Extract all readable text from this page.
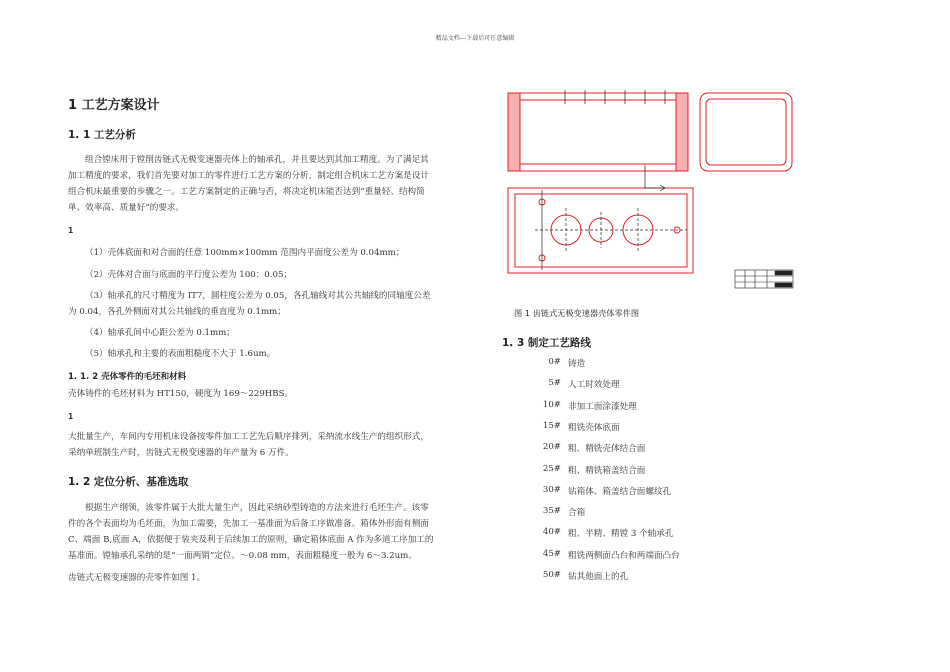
精品文档---下载后可任意编辑
1 工艺方案设计
1. 1 工艺分析
组合镗床用于镗削齿链式无极变速器壳体上的轴承孔，并且要达到其加工精度。为了满足其
加工精度的要求，我们首先要对加工的零件进行工艺方案的分析，制定组合机床工艺方案是设计
组合机床最重要的步骤之一。工艺方案制定的正确与否，将决定机床能否达到“重量轻、结构简
单、效率高、质量好”的要求。
1
（1）壳体底面和对合面的任意 100mm×100mm 范围内平面度公差为 0.04mm；
（2）壳体对合面与底面的平行度公差为 100：0.05；
（3）轴承孔的尺寸精度为 IT7，圆柱度公差为 0.05，各孔轴线对其公共轴线的同轴度公差
为 0.04，各孔外侧面对其公共轴线的垂直度为 0.1mm；
（4）轴承孔间中心距公差为 0.1mm；
（5）轴承孔和主要的表面粗糙度不大于 1.6um。
1. 1. 2 壳体零件的毛坯和材料
壳体铸件的毛坯材料为 HT150，硬度为 169～229HBS。
1
大批量生产，车间内专用机床设备按零件加工工艺先后顺序排列，采纳流水线生产的组织形式，
采纳单班制生产时，齿链式无极变速器的年产量为 6 万件。
1. 2 定位分析、基准选取
根据生产纲领，该零件属于大批大量生产，因此采纳砂型铸造的方法来进行毛坯生产。该零
件的各个表面均为毛坯面，为加工需要，先加工一基准面为后备工序做准备。箱体外形面有侧面
C、端面 B,底面 A，依据便于装夹及利于后续加工的原则，确定箱体底面 A 作为多道工序加工的
基准面。镗轴承孔采纳的是“一面两销”定位。～0.08 mm，表面粗糙度一般为 6～3.2um。
齿链式无极变速器的壳零件如图 1。
图 1 齿链式无极变速器壳体零件图
1. 3 制定工艺路线
0# 铸造
5# 人工时效处理
10# 非加工面涂漆处理
15# 粗铣壳体底面
20# 粗、精铣壳体结合面
25# 粗、精铣箱盖结合面
30# 钻箱体、箱盖结合面螺纹孔
35# 合箱
40# 粗、半精、精镗 3 个轴承孔
45# 粗铣两侧面凸台和两端面凸台
50# 钻其他面上的孔
